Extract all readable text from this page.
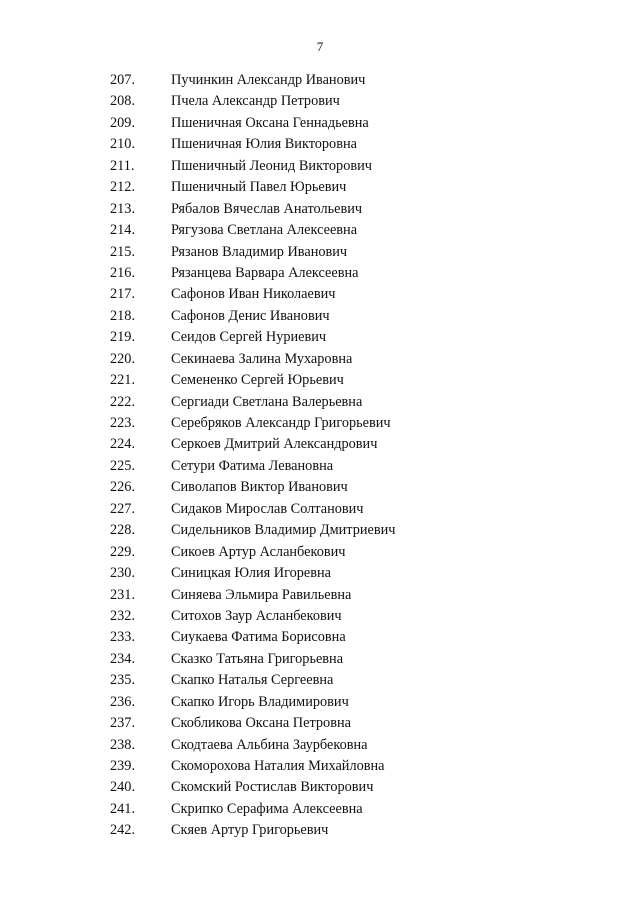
7
207.	Пучинкин Александр Иванович
208.	Пчела Александр Петрович
209.	Пшеничная Оксана Геннадьевна
210.	Пшеничная Юлия Викторовна
211.	Пшеничный Леонид Викторович
212.	Пшеничный Павел Юрьевич
213.	Рябалов Вячеслав Анатольевич
214.	Рягузова Светлана Алексеевна
215.	Рязанов Владимир Иванович
216.	Рязанцева Варвара Алексеевна
217.	Сафонов Иван Николаевич
218.	Сафонов Денис Иванович
219.	Сеидов Сергей Нуриевич
220.	Секинаева Залина Мухаровна
221.	Семененко Сергей Юрьевич
222.	Сергиади Светлана Валерьевна
223.	Серебряков Александр Григорьевич
224.	Серкоев Дмитрий Александрович
225.	Сетури Фатима Левановна
226.	Сиволапов Виктор Иванович
227.	Сидаков Мирослав Солтанович
228.	Сидельников Владимир Дмитриевич
229.	Сикоев Артур Асланбекович
230.	Синицкая Юлия Игоревна
231.	Синяева Эльмира Равильевна
232.	Ситохов Заур Асланбекович
233.	Сиукаева Фатима Борисовна
234.	Сказко Татьяна Григорьевна
235.	Скапко Наталья Сергеевна
236.	Скапко Игорь Владимирович
237.	Скобликова Оксана Петровна
238.	Скодтаева Альбина Заурбековна
239.	Скоморохова Наталия Михайловна
240.	Скомский Ростислав Викторович
241.	Скрипко Серафима Алексеевна
242.	Скяев Артур Григорьевич
